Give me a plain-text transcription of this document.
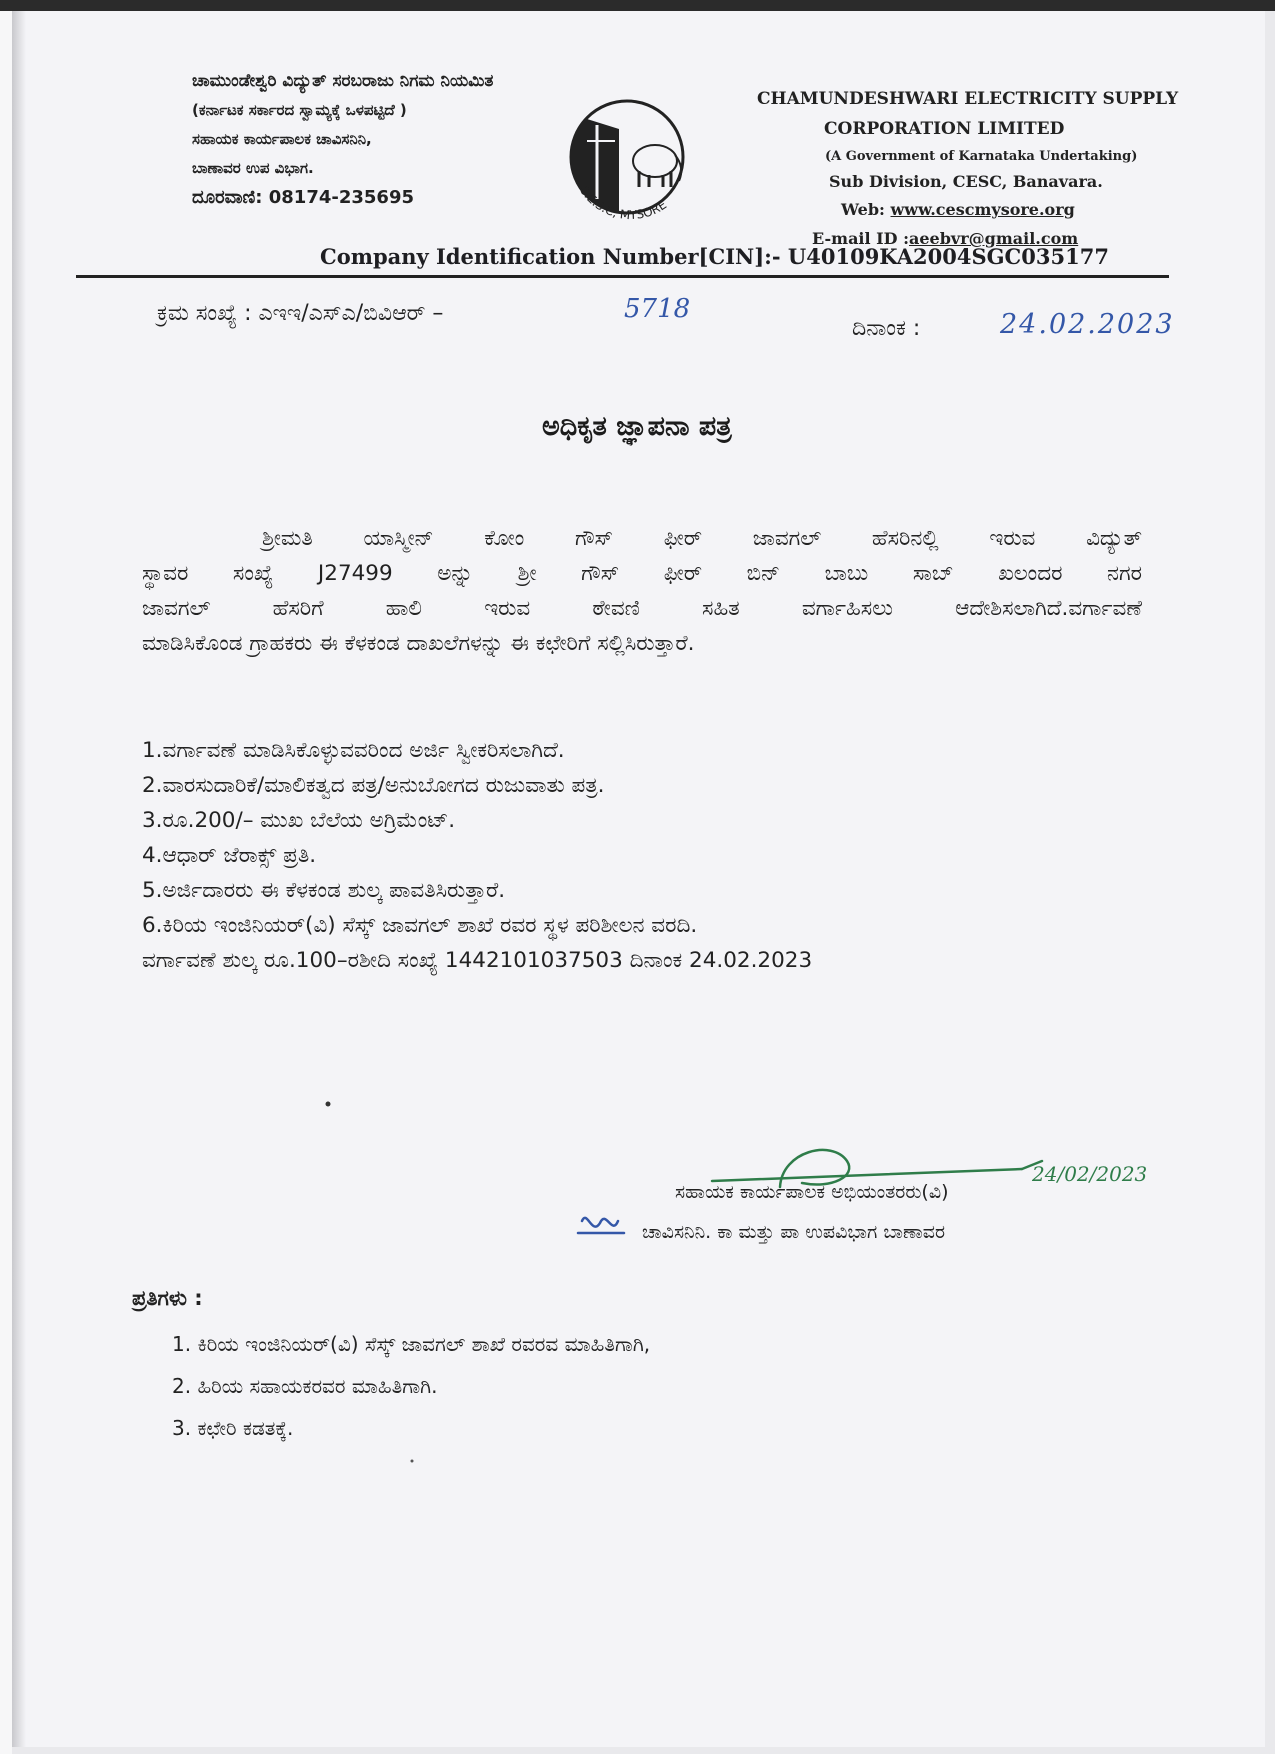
ಚಾಮುಂಡೇಶ್ವರಿ ವಿದ್ಯುತ್ ಸರಬರಾಜು ನಿಗಮ ನಿಯಮಿತ
(ಕರ್ನಾಟಕ ಸರ್ಕಾರದ ಸ್ವಾಮ್ಯಕ್ಕೆ ಒಳಪಟ್ಟಿದೆ )
ಸಹಾಯಕ ಕಾರ್ಯಪಾಲಕ ಚಾವಿಸನಿನಿ,
ಬಾಣಾವರ ಉಪ ವಿಭಾಗ.
ದೂರವಾಣಿ: 08174-235695	C.E.S.C, MYSORE
CHAMUNDESHWARI ELECTRICITY SUPPLY
CORPORATION LIMITED
(A Government of Karnataka Undertaking)
Sub Division, CESC, Banavara.
Web: www.cescmysore.org
E-mail ID :aeebvr@gmail.com
Company Identification Number[CIN]:- U40109KA2004SGC035177
ಕ್ರಮ ಸಂಖ್ಯೆ : ಎಇಇ/ಎಸ್‌ಎ/ಬಿವಿಆರ್ –	5718
ದಿನಾಂಕ :	24.02.2023
ಅಧಿಕೃತ ಜ್ಞಾಪನಾ ಪತ್ರ

ಶ್ರೀಮತಿ ಯಾಸ್ಮೀನ್ ಕೋಂ ಗೌಸ್ ಫೀರ್ ಜಾವಗಲ್ ಹೆಸರಿನಲ್ಲಿ ಇರುವ ವಿದ್ಯುತ್

ಸ್ಥಾವರ ಸಂಖ್ಯೆ J27499 ಅನ್ನು ಶ್ರೀ ಗೌಸ್ ಫೀರ್ ಬಿನ್ ಬಾಬು ಸಾಬ್ ಖಲಂದರ ನಗರ

ಜಾವಗಲ್ ಹೆಸರಿಗೆ ಹಾಲಿ ಇರುವ ಠೇವಣಿ ಸಹಿತ ವರ್ಗಾಹಿಸಲು ಆದೇಶಿಸಲಾಗಿದೆ.ವರ್ಗಾವಣೆ

ಮಾಡಿಸಿಕೊಂಡ ಗ್ರಾಹಕರು ಈ ಕೆಳಕಂಡ ದಾಖಲೆಗಳನ್ನು ಈ ಕಛೇರಿಗೆ ಸಲ್ಲಿಸಿರುತ್ತಾರೆ.

1.ವರ್ಗಾವಣೆ ಮಾಡಿಸಿಕೊಳ್ಳುವವರಿಂದ ಅರ್ಜಿ ಸ್ವೀಕರಿಸಲಾಗಿದೆ.
2.ವಾರಸುದಾರಿಕೆ/ಮಾಲಿಕತ್ವದ ಪತ್ರ/ಅನುಬೋಗದ ರುಜುವಾತು ಪತ್ರ.
3.ರೂ.200/– ಮುಖ ಬೆಲೆಯ ಅಗ್ರಿಮೆಂಟ್.
4.ಆಧಾರ್ ಜೆರಾಕ್ಸ್ ಪ್ರತಿ.
5.ಅರ್ಜಿದಾರರು ಈ ಕೆಳಕಂಡ ಶುಲ್ಕ ಪಾವತಿಸಿರುತ್ತಾರೆ.
6.ಕಿರಿಯ ಇಂಜಿನಿಯರ್(ವಿ) ಸೆಸ್ಕ್ ಜಾವಗಲ್ ಶಾಖೆ ರವರ ಸ್ಥಳ ಪರಿಶೀಲನ ವರದಿ.
ವರ್ಗಾವಣೆ ಶುಲ್ಕ ರೂ.100–ರಶೀದಿ ಸಂಖ್ಯೆ 1442101037503 ದಿನಾಂಕ 24.02.2023
ಸಹಾಯಕ ಕಾರ್ಯಪಾಲಕ ಅಭಿಯಂತರರು(ವಿ)
ಚಾವಿಸನಿನಿ. ಕಾ ಮತ್ತು ಪಾ ಉಪವಿಭಾಗ ಬಾಣಾವರ
ಪ್ರತಿಗಳು :
1. ಕಿರಿಯ ಇಂಜಿನಿಯರ್(ವಿ) ಸೆಸ್ಕ್ ಜಾವಗಲ್ ಶಾಖೆ ರವರವ ಮಾಹಿತಿಗಾಗಿ,
2. ಹಿರಿಯ ಸಹಾಯಕರವರ ಮಾಹಿತಿಗಾಗಿ.
3. ಕಛೇರಿ ಕಡತಕ್ಕೆ.
24/02/2023
